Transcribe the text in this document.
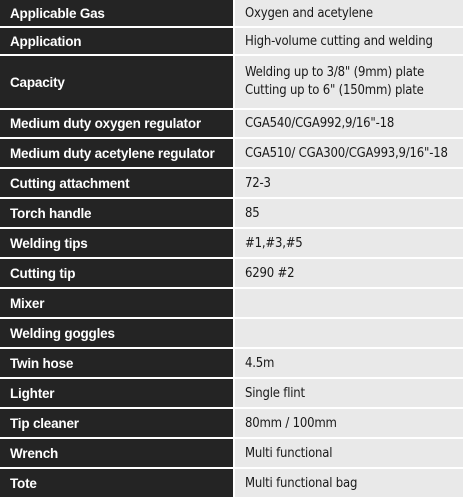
Applicable Gas	Oxygen and acetylene
Application	High-volume cutting and welding
Capacity	Welding up to 3/8" (9mm) plate
Cutting up to 6" (150mm) plate

Medium duty oxygen regulator	CGA540/CGA992,9/16"-18
Medium duty acetylene regulator	CGA510/ CGA300/CGA993,9/16"-18
Cutting attachment	72-3
Torch handle	85
Welding tips	#1,#3,#5
Cutting tip	6290 #2
Mixer	
Welding goggles	
Twin hose	4.5m
Lighter	Single flint
Tip cleaner	80mm / 100mm
Wrench	Multi functional
Tote	Multi functional bag
